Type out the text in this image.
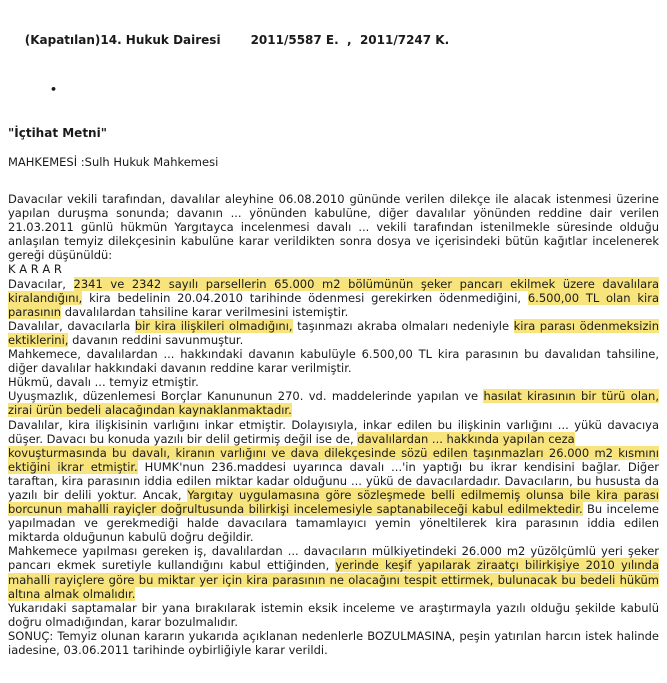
(Kapatılan)14. Hukuk Dairesi	2011/5587 E.  ,  2011/7247 K.

•
"İçtihat Metni"
MAHKEMESİ :Sulh Hukuk Mahkemesi

Davacılar vekili tarafından, davalılar aleyhine 06.08.2010 gününde verilen dilekçe ile alacak istenmesi üzerine yapılan duruşma sonunda; davanın ... yönünden kabulüne, diğer davalılar yönünden reddine dair verilen 21.03.2011 günlü hükmün Yargıtayca incelenmesi davalı ... vekili tarafından istenilmekle süresinde olduğu anlaşılan temyiz dilekçesinin kabulüne karar verildikten sonra dosya ve içerisindeki bütün kağıtlar incelenerek gereği düşünüldü:

K A R A R

Davacılar, 2341 ve 2342 sayılı parsellerin 65.000 m2 bölümünün şeker pancarı ekilmek üzere davalılara kiralandığını, kira bedelinin 20.04.2010 tarihinde ödenmesi gerekirken ödenmediğini, 6.500,00 TL olan kira parasının davalılardan tahsiline karar verilmesini istemiştir.

Davalılar, davacılarla bir kira ilişkileri olmadığını, taşınmazı akraba olmaları nedeniyle kira parası ödenmeksizin ektiklerini, davanın reddini savunmuştur.

Mahkemece, davalılardan ... hakkındaki davanın kabulüyle 6.500,00 TL kira parasının bu davalıdan tahsiline, diğer davalılar hakkındaki davanın reddine karar verilmiştir.

Hükmü, davalı ... temyiz etmiştir.

Uyuşmazlık, düzenlemesi Borçlar Kanununun 270. vd. maddelerinde yapılan ve hasılat kirasının bir türü olan, zirai ürün bedeli alacağından kaynaklanmaktadır.

Davalılar, kira ilişkisinin varlığını inkar etmiştir. Dolayısıyla, inkar edilen bu ilişkinin varlığını ... yükü davacıya düşer. Davacı bu konuda yazılı bir delil getirmiş değil ise de, davalılardan ... hakkında yapılan ceza

kovuşturmasında bu davalı, kiranın varlığını ve dava dilekçesinde sözü edilen taşınmazları 26.000 m2 kısmını ektiğini ikrar etmiştir. HUMK'nun 236.maddesi uyarınca davalı ...'in yaptığı bu ikrar kendisini bağlar. Diğer taraftan, kira parasının iddia edilen miktar kadar olduğunu ... yükü de davacılardadır. Davacıların, bu hususta da yazılı bir delili yoktur. Ancak, Yargıtay uygulamasına göre sözleşmede belli edilmemiş olunsa bile kira parası borcunun mahalli rayiçler doğrultusunda bilirkişi incelemesiyle saptanabileceği kabul edilmektedir. Bu inceleme yapılmadan ve gerekmediği halde davacılara tamamlayıcı yemin yöneltilerek kira parasının iddia edilen miktarda olduğunun kabulü doğru değildir.

Mahkemece yapılması gereken iş, davalılardan ... davacıların mülkiyetindeki 26.000 m2 yüzölçümlü yeri şeker pancarı ekmek suretiyle kullandığını kabul ettiğinden, yerinde keşif yapılarak ziraatçı bilirkişiye 2010 yılında mahalli rayiçlere göre bu miktar yer için kira parasının ne olacağını tespit ettirmek, bulunacak bu bedeli hüküm altına almak olmalıdır.

Yukarıdaki saptamalar bir yana bırakılarak istemin eksik inceleme ve araştırmayla yazılı olduğu şekilde kabulü doğru olmadığından, karar bozulmalıdır.

SONUÇ: Temyiz olunan kararın yukarıda açıklanan nedenlerle BOZULMASINA, peşin yatırılan harcın istek halinde iadesine, 03.06.2011 tarihinde oybirliğiyle karar verildi.
